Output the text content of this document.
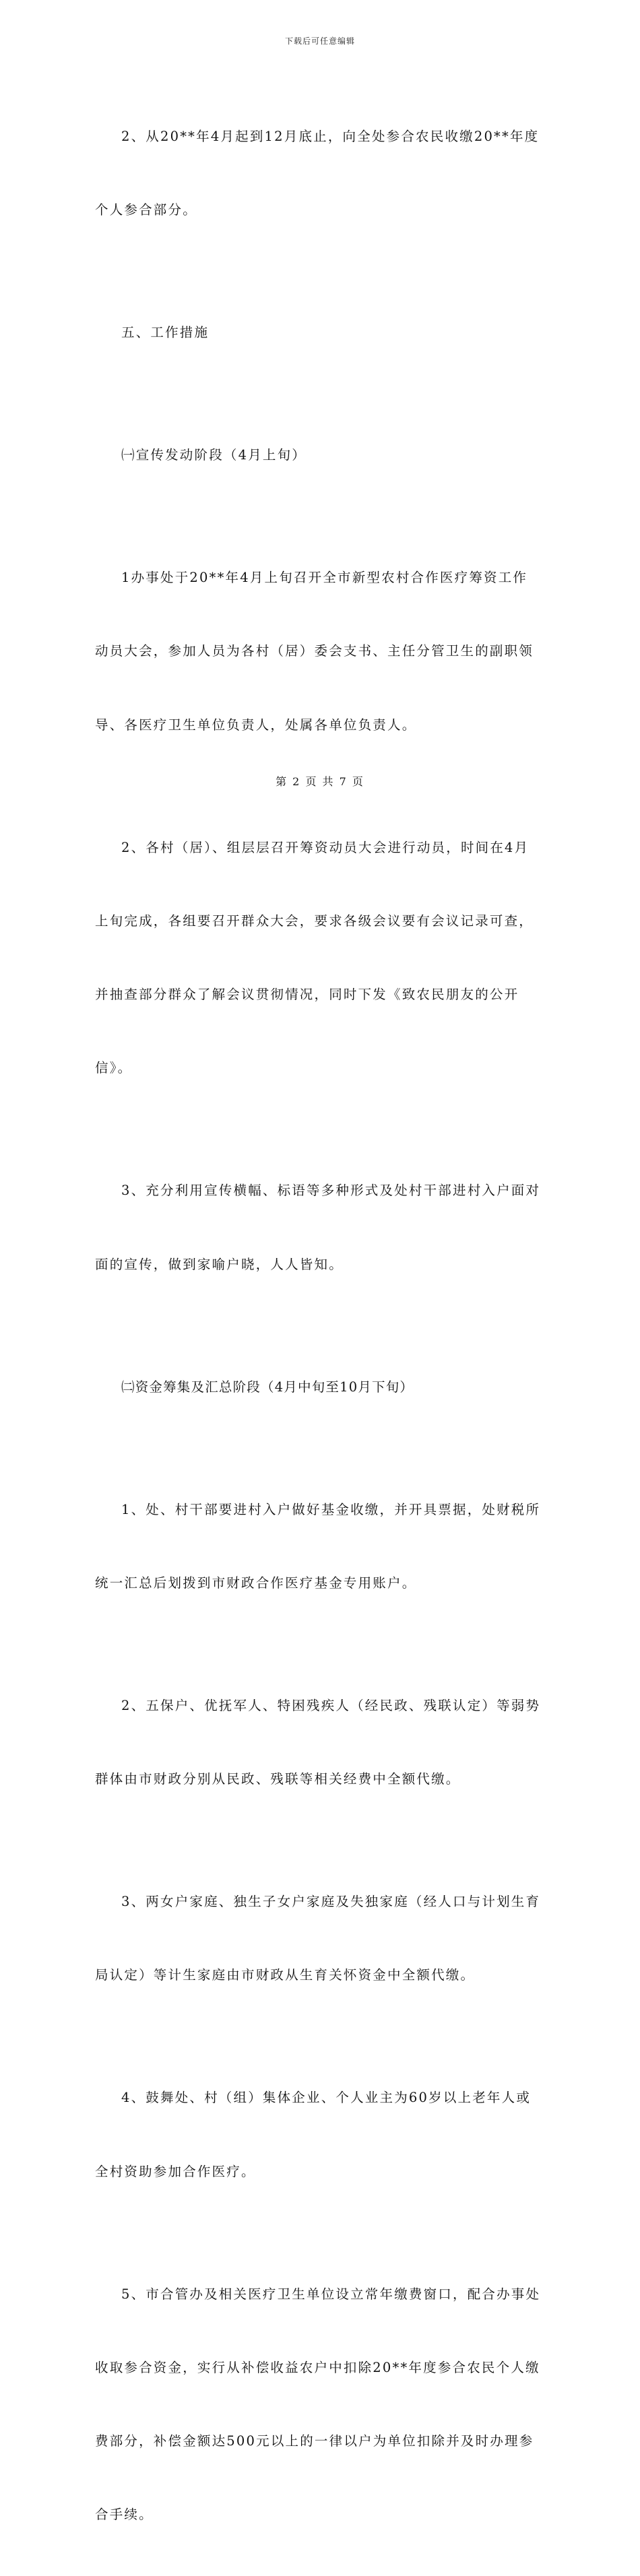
下载后可任意编辑

2、从20**年4月起到12月底止，向全处参合农民收缴20**年度

个人参合部分。

五、工作措施

㈠宣传发动阶段（4月上旬）

1办事处于20**年4月上旬召开全市新型农村合作医疗筹资工作

动员大会，参加人员为各村（居）委会支书、主任分管卫生的副职领

导、各医疗卫生单位负责人，处属各单位负责人。

2、各村（居）、组层层召开筹资动员大会进行动员，时间在4月

上旬完成，各组要召开群众大会，要求各级会议要有会议记录可查，

并抽查部分群众了解会议贯彻情况，同时下发《致农民朋友的公开

信》。

3、充分利用宣传横幅、标语等多种形式及处村干部进村入户面对

面的宣传，做到家喻户晓，人人皆知。

㈡资金筹集及汇总阶段（4月中旬至10月下旬）

1、处、村干部要进村入户做好基金收缴，并开具票据，处财税所

统一汇总后划拨到市财政合作医疗基金专用账户。

2、五保户、优抚军人、特困残疾人（经民政、残联认定）等弱势

群体由市财政分别从民政、残联等相关经费中全额代缴。

3、两女户家庭、独生子女户家庭及失独家庭（经人口与计划生育

局认定）等计生家庭由市财政从生育关怀资金中全额代缴。

4、鼓舞处、村（组）集体企业、个人业主为60岁以上老年人或

全村资助参加合作医疗。

5、市合管办及相关医疗卫生单位设立常年缴费窗口，配合办事处

收取参合资金，实行从补偿收益农户中扣除20**年度参合农民个人缴

费部分，补偿金额达500元以上的一律以户为单位扣除并及时办理参

合手续。

第 2 页 共 7 页
